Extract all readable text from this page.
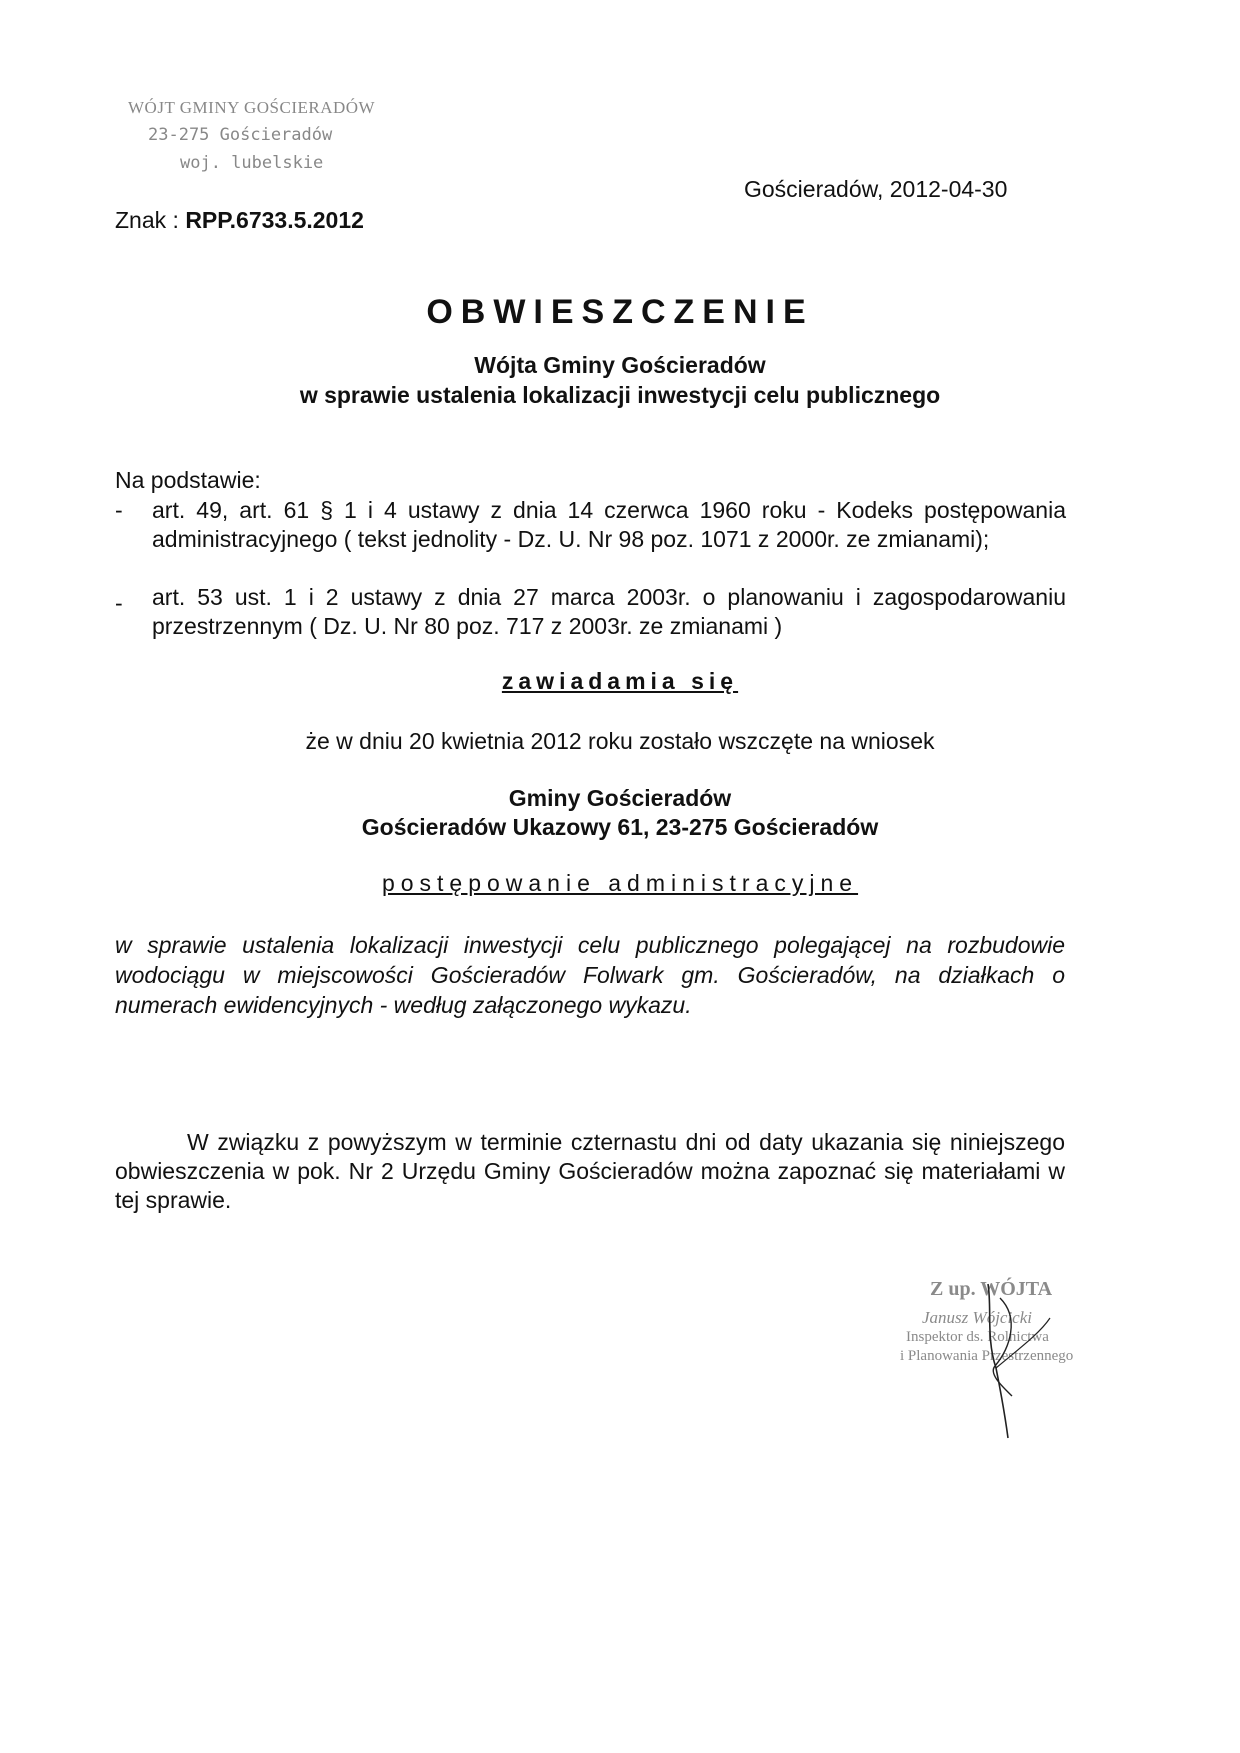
WÓJT GMINY GOŚCIERADÓW
23-275 Gościeradów
woj. lubelskie
Znak : RPP.6733.5.2012
Gościeradów, 2012-04-30
OBWIESZCZENIE
Wójta Gminy Gościeradów
w sprawie ustalenia lokalizacji inwestycji celu publicznego
Na podstawie:
- art. 49, art. 61 § 1 i 4 ustawy z dnia 14 czerwca 1960 roku - Kodeks postępowania administracyjnego ( tekst jednolity - Dz. U. Nr 98 poz. 1071 z 2000r. ze zmianami);
- art. 53 ust. 1 i 2 ustawy z dnia 27 marca 2003r. o planowaniu i zagospodarowaniu przestrzennym ( Dz. U. Nr 80 poz. 717 z 2003r. ze zmianami )
zawiadamia się
że w dniu 20 kwietnia 2012 roku zostało wszczęte na wniosek
Gminy Gościeradów
Gościeradów Ukazowy 61, 23-275 Gościeradów
postępowanie administracyjne
w sprawie ustalenia lokalizacji inwestycji celu publicznego polegającej na rozbudowie wodociągu w miejscowości Gościeradów Folwark gm. Gościeradów, na działkach o numerach ewidencyjnych - według załączonego wykazu.
W związku z powyższym w terminie czternastu dni od daty ukazania się niniejszego obwieszczenia w pok. Nr 2 Urzędu Gminy Gościeradów można zapoznać się materiałami w tej sprawie.
Z up. WÓJTA
Janusz Wójcicki
Inspektor ds. Rolnictwa
i Planowania Przestrzennego
